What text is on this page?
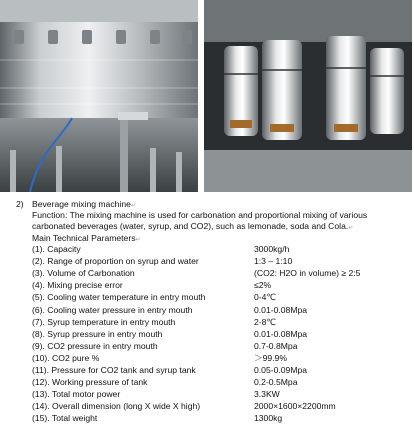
.	.
2) Beverage mixing machine↵
Function: The mixing machine is used for carbonation and proportional mixing of various carbonated beverages (water, syrup, and CO2), such as lemonade, soda and Cola.↵
Main Technical Parameters↵
(1). Capacity	3000kg/h
(2). Range of proportion on syrup and water	1:3 – 1:10
(3). Volume of Carbonation	(CO2: H2O in volume) ≥ 2:5
(4). Mixing precise error	≤2%
(5). Cooling water temperature in entry mouth	0-4℃
(6). Cooling water pressure in entry mouth	0.01-0.08Mpa
(7). Syrup temperature in entry mouth	2-8℃
(8). Syrup pressure in entry mouth	0.01-0.08Mpa
(9). CO2 pressure in entry mouth	0.7-0.8Mpa
(10). CO2 pure %	＞99.9%
(11). Pressure for CO2 tank and syrup tank	0.05-0.09Mpa
(12). Working pressure of tank	0.2-0.5Mpa
(13). Total motor power	3.3KW
(14). Overall dimension (long X wide X high)	2000×1600×2200mm
(15). Total weight	1300kg
